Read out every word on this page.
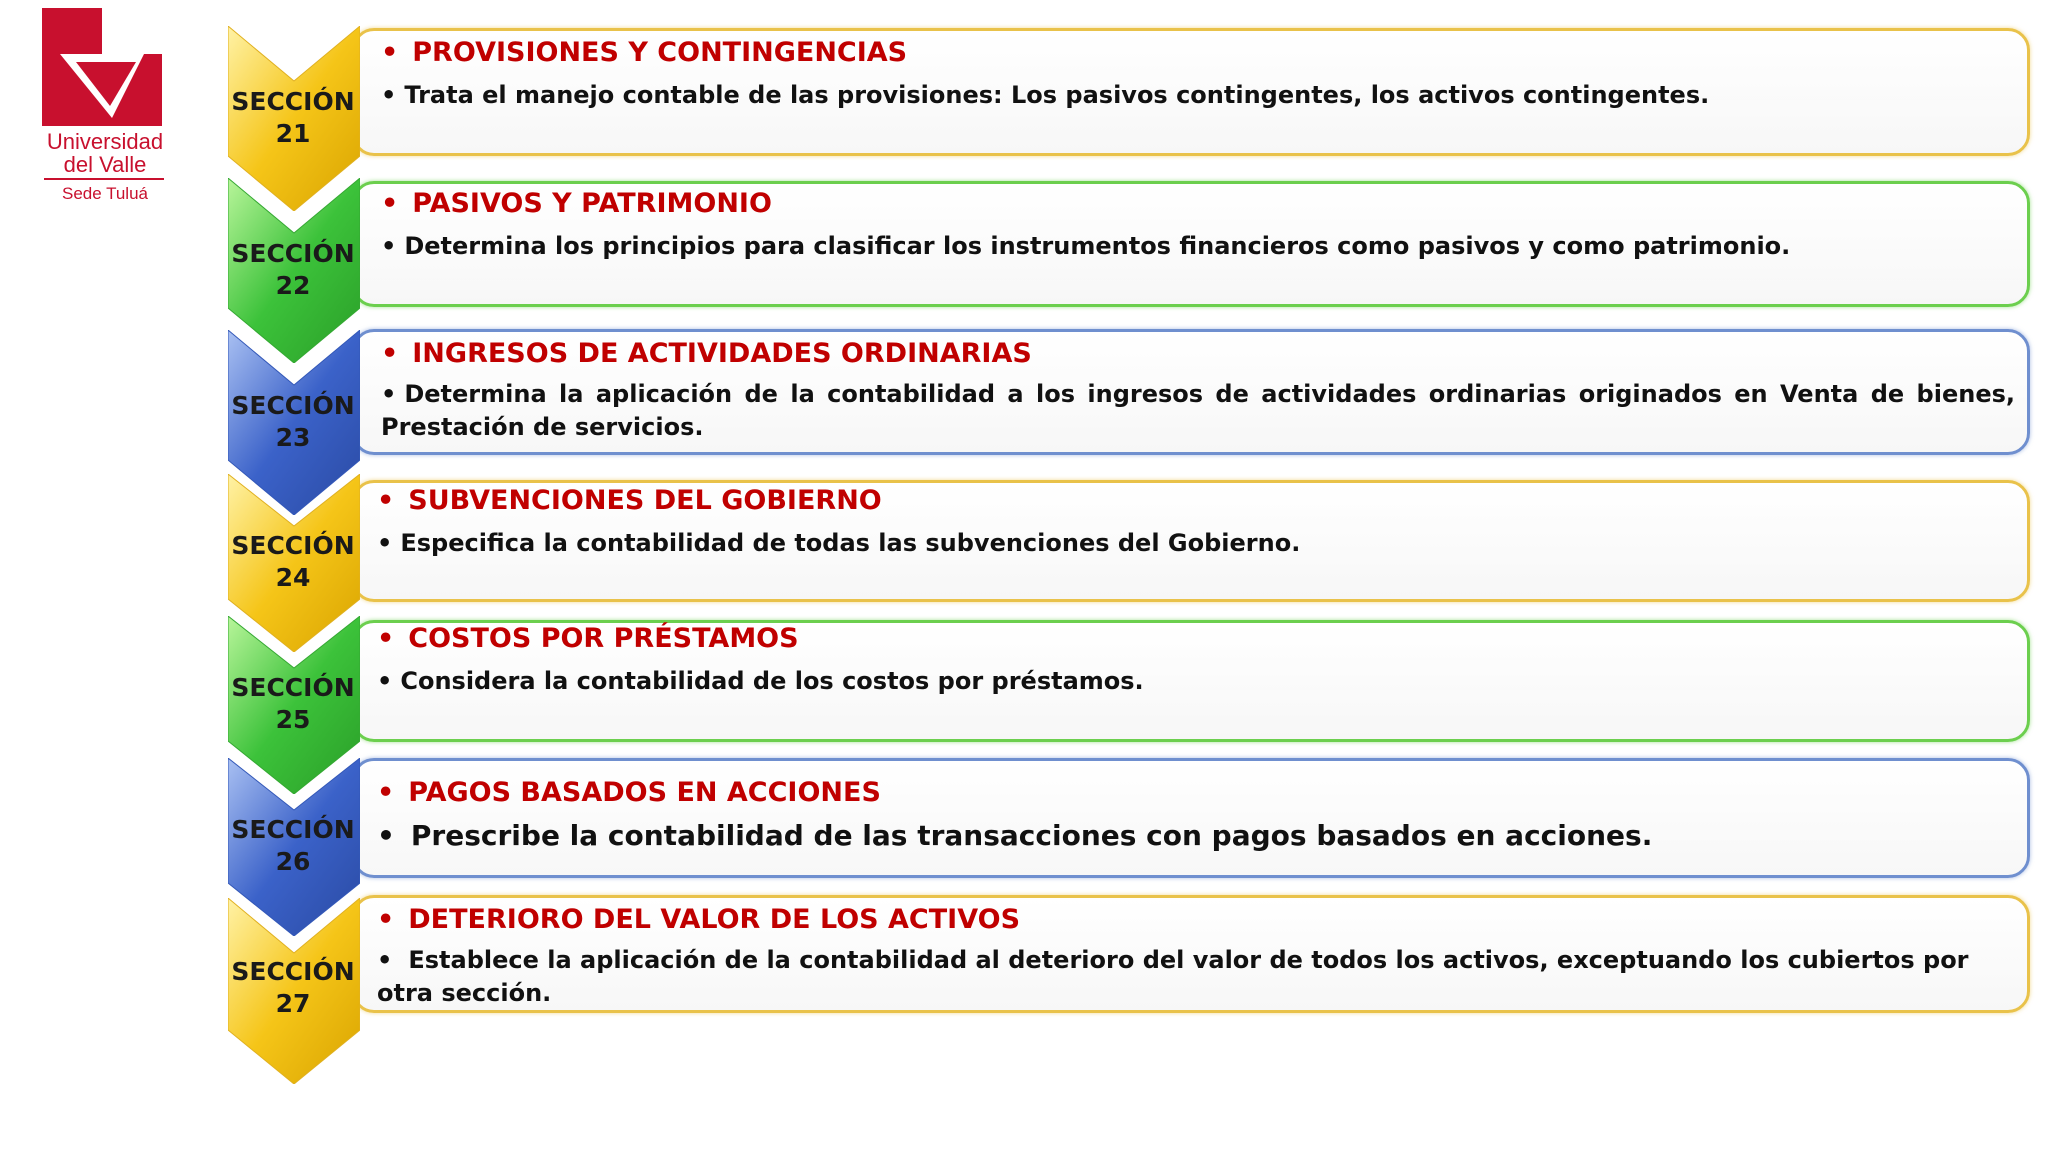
Universidad
del Valle
Sede Tuluá
• PROVISIONES Y CONTINGENCIAS
• Trata el manejo contable de las provisiones: Los pasivos contingentes, los activos contingentes.
• PASIVOS Y PATRIMONIO
• Determina los principios para clasificar los instrumentos financieros como pasivos y como patrimonio.
• INGRESOS DE ACTIVIDADES ORDINARIAS
• Determina la aplicación de la contabilidad a los ingresos de actividades ordinarias originados en Venta de bienes, Prestación de servicios.
• SUBVENCIONES DEL GOBIERNO
• Especifica la contabilidad de todas las subvenciones del Gobierno.
• COSTOS POR PRÉSTAMOS
• Considera la contabilidad de los costos por préstamos.
• PAGOS BASADOS EN ACCIONES
• Prescribe la contabilidad de las transacciones con pagos basados en acciones.
• DETERIORO DEL VALOR DE LOS ACTIVOS
• Establece la aplicación de la contabilidad al deterioro del valor de todos los activos, exceptuando los cubiertos por otra sección.
SECCIÓN
21
SECCIÓN
22
SECCIÓN
23
SECCIÓN
24
SECCIÓN
25
SECCIÓN
26
SECCIÓN
27
